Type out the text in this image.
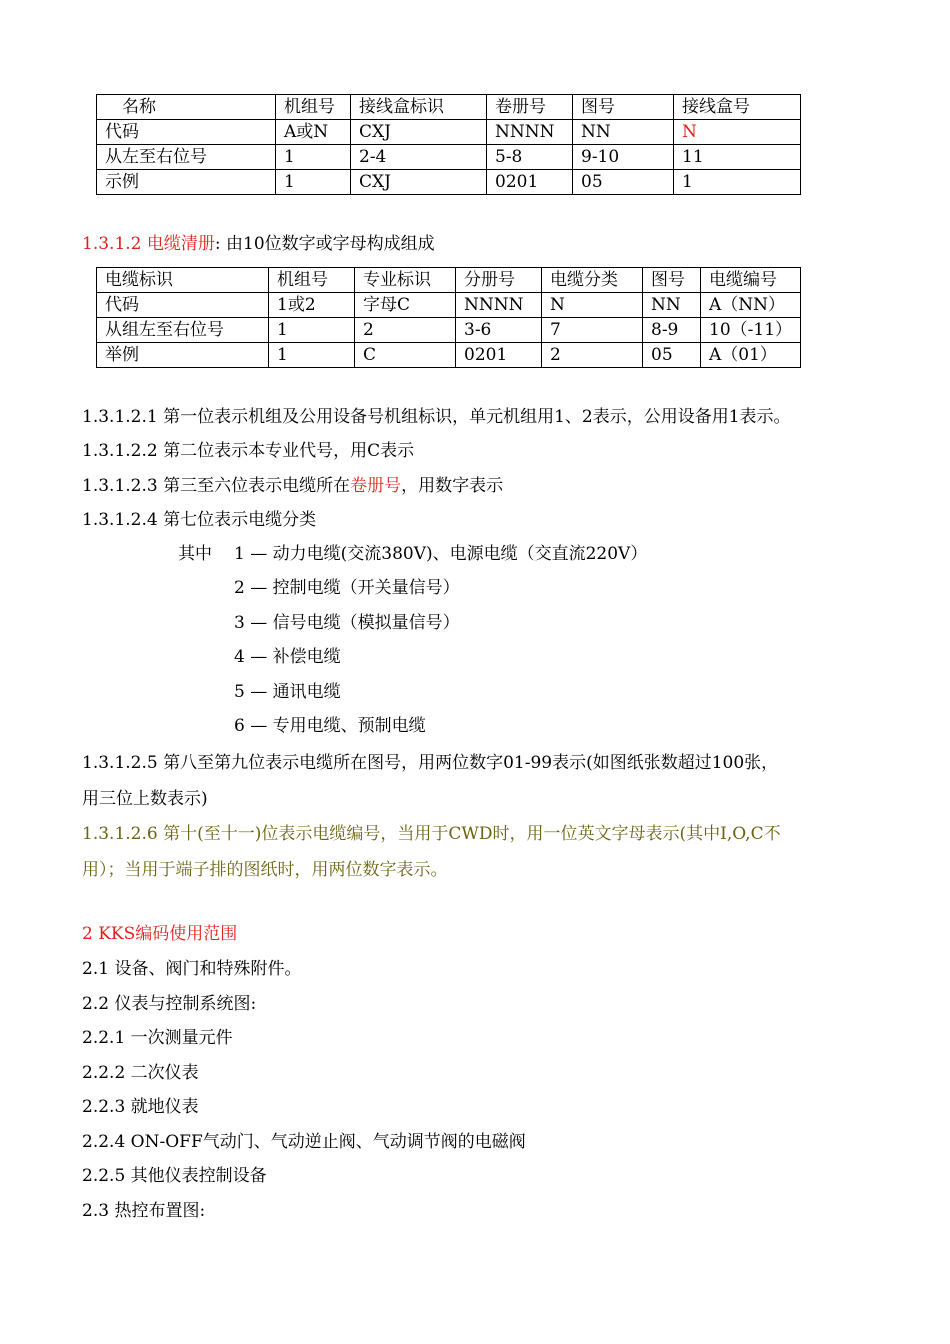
　名称	机组号	接线盒标识	卷册号	图号	接线盒号
代码	A或N	CXJ	NNNN	NN	N
从左至右位号	1	2-4	5-8	9-10	11
示例	1	CXJ	0201	05	1
1.3.1.2 电缆清册: 由10位数字或字母构成组成
电缆标识	机组号	专业标识	分册号	电缆分类	图号	电缆编号
代码	1或2	字母C	NNNN	N	NN	A（NN）
从组左至右位号	1	2	3-6	7	8-9	10（-11）
举例	1	C	0201	2	05	A（01）
1.3.1.2.1 第一位表示机组及公用设备号机组标识，单元机组用1、2表示，公用设备用1表示。
1.3.1.2.2 第二位表示本专业代号，用C表示
1.3.1.2.3 第三至六位表示电缆所在卷册号，用数字表示
1.3.1.2.4 第七位表示电缆分类
其中 1 — 动力电缆(交流380V)、电源电缆（交直流220V）
2 — 控制电缆（开关量信号）
3 — 信号电缆（模拟量信号）
4 — 补偿电缆
5 — 通讯电缆
6 — 专用电缆、预制电缆
1.3.1.2.5 第八至第九位表示电缆所在图号，用两位数字01-99表示(如图纸张数超过100张，
用三位上数表示)
1.3.1.2.6 第十(至十一)位表示电缆编号，当用于CWD时，用一位英文字母表示(其中I,O,C不
用）；当用于端子排的图纸时，用两位数字表示。
2 KKS编码使用范围
2.1 设备、阀门和特殊附件。
2.2 仪表与控制系统图:
2.2.1 一次测量元件
2.2.2 二次仪表
2.2.3 就地仪表
2.2.4 ON-OFF气动门、气动逆止阀、气动调节阀的电磁阀
2.2.5 其他仪表控制设备
2.3 热控布置图:
